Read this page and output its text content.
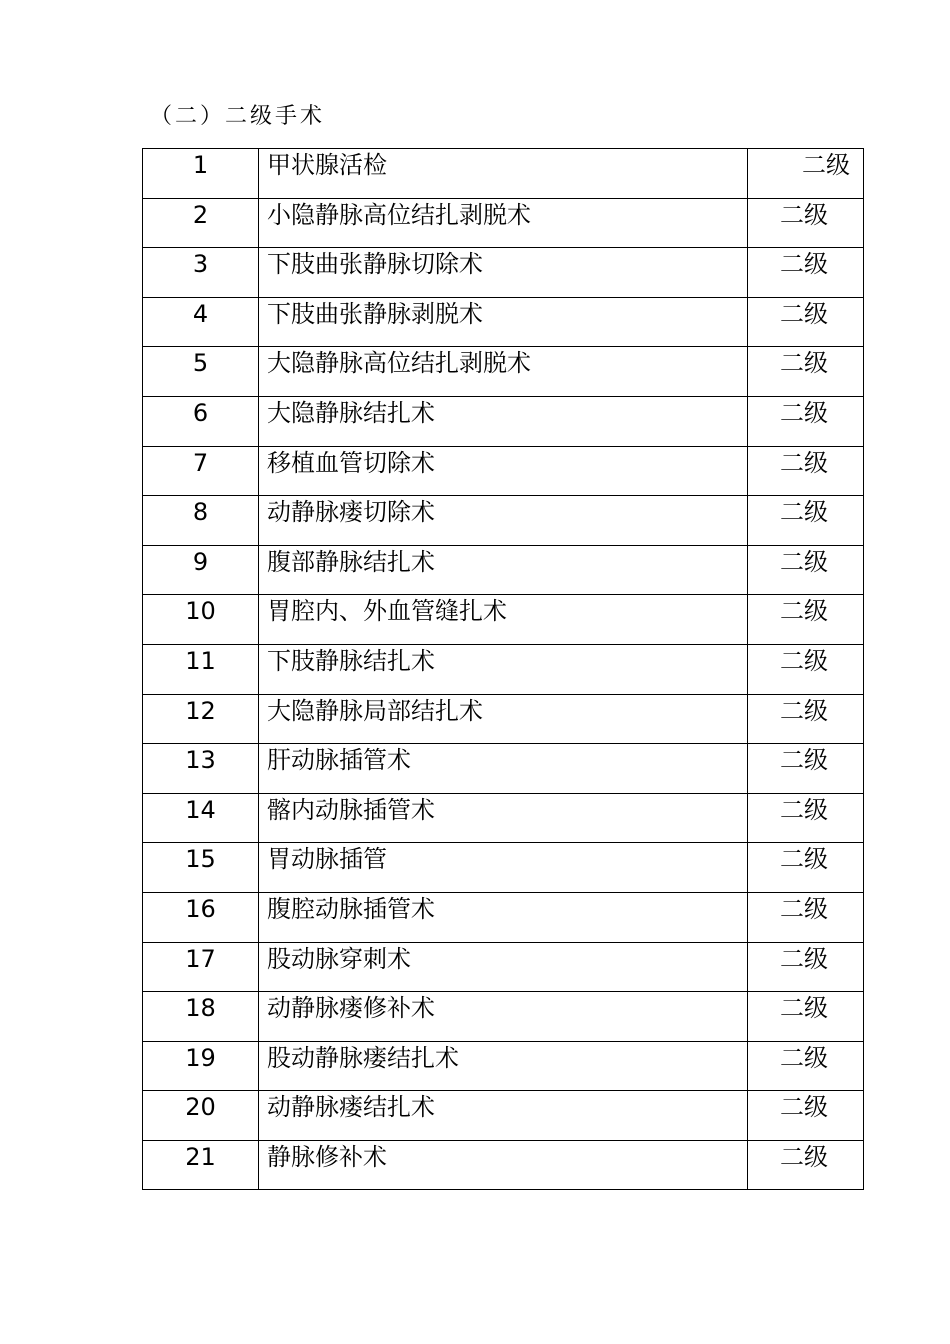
（二）二级手术
1	甲状腺活检	二级
2	小隐静脉高位结扎剥脱术	二级
3	下肢曲张静脉切除术	二级
4	下肢曲张静脉剥脱术	二级
5	大隐静脉高位结扎剥脱术	二级
6	大隐静脉结扎术	二级
7	移植血管切除术	二级
8	动静脉瘘切除术	二级
9	腹部静脉结扎术	二级
10	胃腔内、外血管缝扎术	二级
11	下肢静脉结扎术	二级
12	大隐静脉局部结扎术	二级
13	肝动脉插管术	二级
14	髂内动脉插管术	二级
15	胃动脉插管	二级
16	腹腔动脉插管术	二级
17	股动脉穿刺术	二级
18	动静脉瘘修补术	二级
19	股动静脉瘘结扎术	二级
20	动静脉瘘结扎术	二级
21	静脉修补术	二级
